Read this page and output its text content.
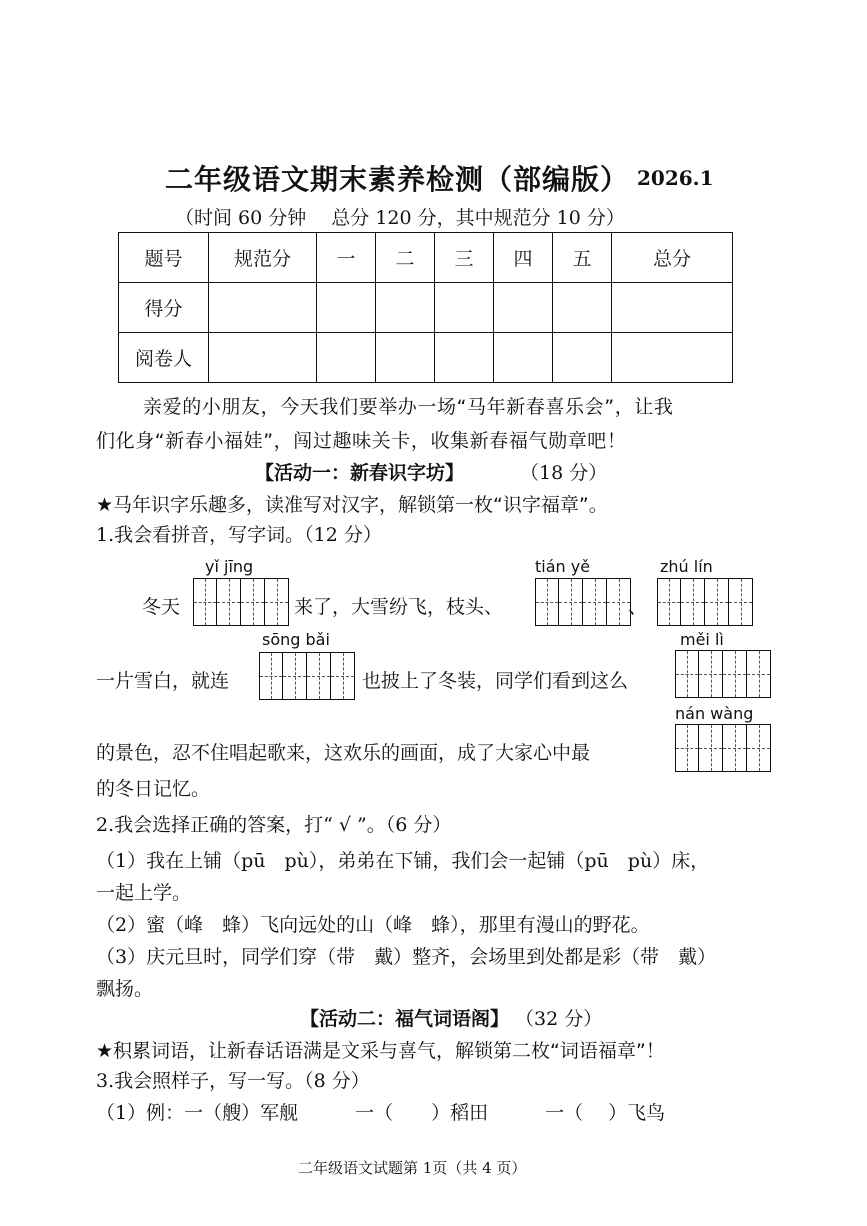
二年级语文期末素养检测（部编版） 2026.1
（时间 60 分钟　 总分 120 分，其中规范分 10 分）
题号	规范分	一	二	三	四	五	总分
得分							
阅卷人							
亲爱的小朋友，今天我们要举办一场“马年新春喜乐会”，让我
们化身“新春小福娃”，闯过趣味关卡，收集新春福气勋章吧！
【活动一：新春识字坊】	（18 分）
★马年识字乐趣多，读准写对汉字，解锁第一枚“识字福章”。
1.我会看拼音，写字词。（12 分）
yǐ jīng	tián yě	zhú lín
冬天	来了，大雪纷飞，枝头、	、
sōng bǎi	měi lì
一片雪白，就连	也披上了冬装，同学们看到这么
nán wàng
的景色，忍不住唱起歌来，这欢乐的画面，成了大家心中最
的冬日记忆。
2.我会选择正确的答案，打“ √ ”。（6 分）
（1）我在上铺（pū　pù），弟弟在下铺，我们会一起铺（pū　pù）床，
一起上学。
（2）蜜（峰　蜂）飞向远处的山（峰　蜂），那里有漫山的野花。
（3）庆元旦时，同学们穿（带　戴）整齐，会场里到处都是彩（带　戴）
飘扬。
【活动二：福气词语阁】 （32 分）
★积累词语，让新春话语满是文采与喜气，解锁第二枚“词语福章”！
3.我会照样子，写一写。（8 分）
（1）例：一（艘）军舰　　　一（　　）稻田　　　一（　 ）飞鸟
二年级语文试题第 1页（共 4 页）
